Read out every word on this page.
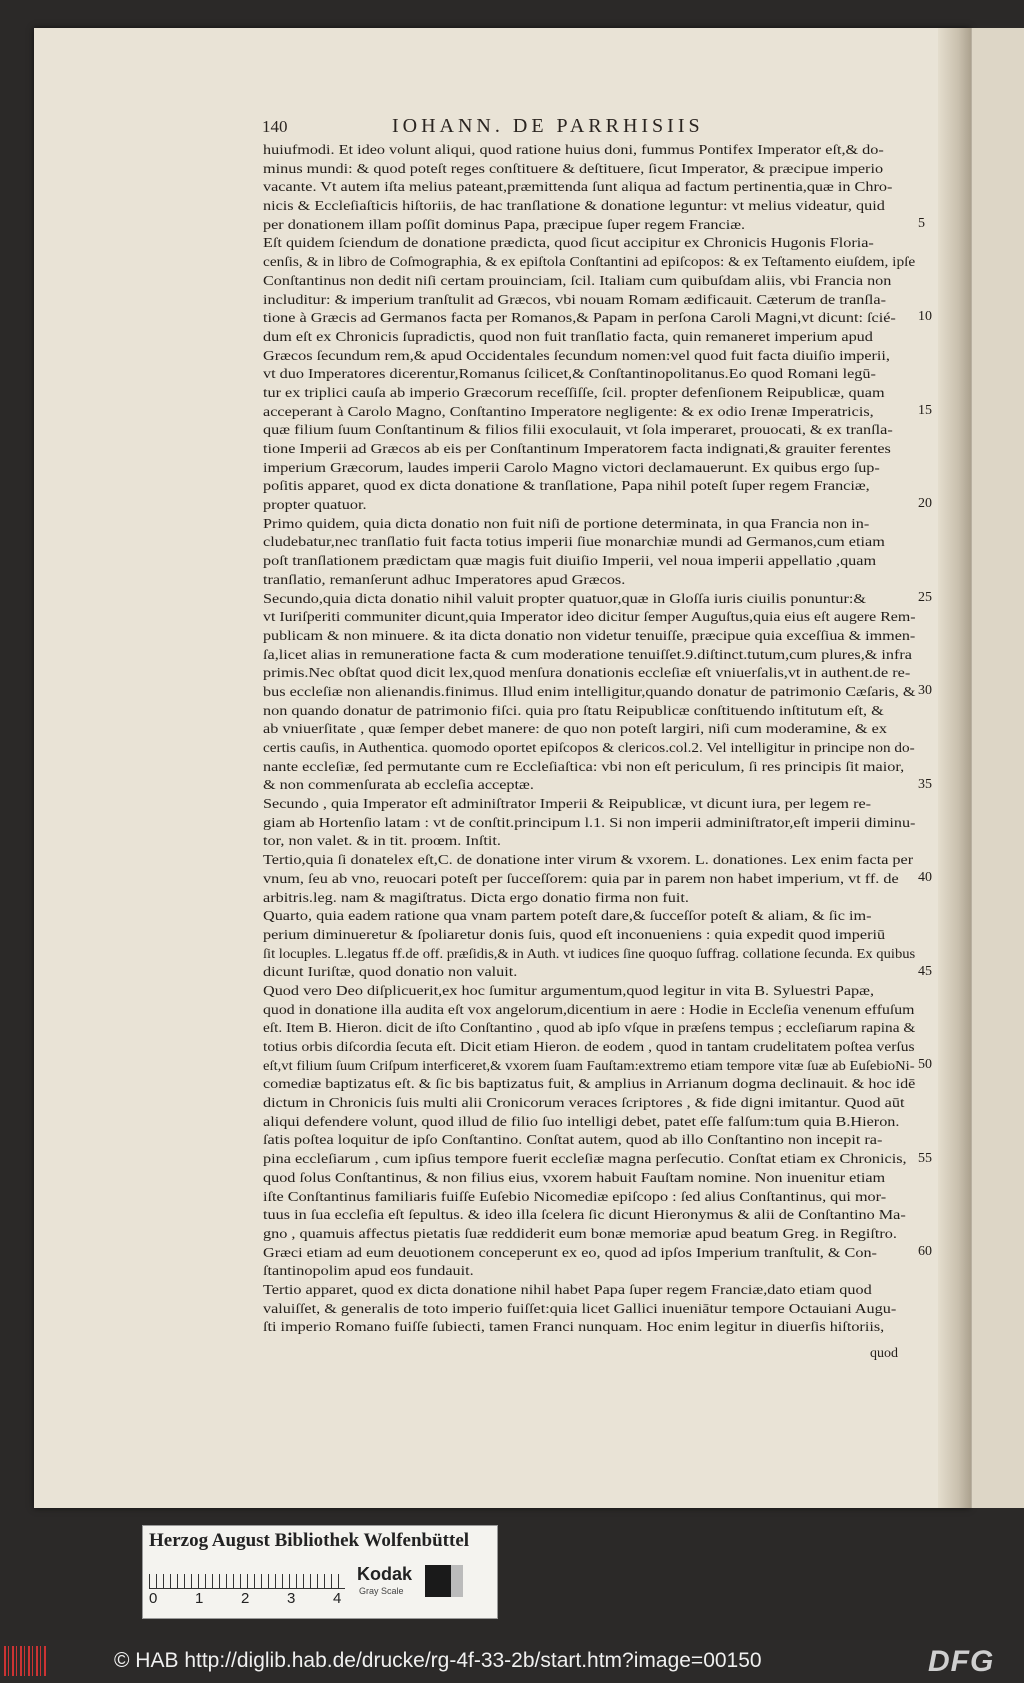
140	IOHANN. DE PARRHISIIS
huiufmodi. Et ideo volunt aliqui, quod ratione huius doni, fummus Pontifex Imperator eſt,& do-
minus mundi: & quod poteſt reges conſtituere & deſtituere, ſicut Imperator, & præcipue imperio
vacante. Vt autem iſta melius pateant,præmittenda ſunt aliqua ad factum pertinentia,quæ in Chro-
nicis & Eccleſiaſticis hiſtoriis, de hac tranſlatione & donatione leguntur: vt melius videatur, quid
per donationem illam poſſit dominus Papa, præcipue ſuper regem Franciæ.
Eſt quidem ſciendum de donatione prædicta, quod ſicut accipitur ex Chronicis Hugonis Floria-
cenſis, & in libro de Coſmographia, & ex epiſtola Conſtantini ad epiſcopos: & ex Teſtamento eiuſdem, ipſe
Conſtantinus non dedit niſi certam prouinciam, ſcil. Italiam cum quibuſdam aliis, vbi Francia non
includitur: & imperium tranſtulit ad Græcos, vbi nouam Romam ædificauit. Cæterum de tranſla-
tione à Græcis ad Germanos facta per Romanos,& Papam in perſona Caroli Magni,vt dicunt: ſcié-
dum eſt ex Chronicis ſupradictis, quod non fuit tranſlatio facta, quin remaneret imperium apud
Græcos ſecundum rem,& apud Occidentales ſecundum nomen:vel quod fuit facta diuiſio imperii,
vt duo Imperatores dicerentur,Romanus ſcilicet,& Conſtantinopolitanus.Eo quod Romani legū-
tur ex triplici cauſa ab imperio Græcorum receſſiſſe, ſcil. propter defenſionem Reipublicæ, quam
acceperant à Carolo Magno, Conſtantino Imperatore negligente: & ex odio Irenæ Imperatricis,
quæ filium ſuum Conſtantinum & filios filii exoculauit, vt ſola imperaret, prouocati, & ex tranſla-
tione Imperii ad Græcos ab eis per Conſtantinum Imperatorem facta indignati,& grauiter ferentes
imperium Græcorum, laudes imperii Carolo Magno victori declamauerunt. Ex quibus ergo ſup-
poſitis apparet, quod ex dicta donatione & tranſlatione, Papa nihil poteſt ſuper regem Franciæ,
propter quatuor.
Primo quidem, quia dicta donatio non fuit niſi de portione determinata, in qua Francia non in-
cludebatur,nec tranſlatio fuit facta totius imperii ſiue monarchiæ mundi ad Germanos,cum etiam
poſt tranſlationem prædictam quæ magis fuit diuiſio Imperii, vel noua imperii appellatio ,quam
tranſlatio, remanſerunt adhuc Imperatores apud Græcos.
Secundo,quia dicta donatio nihil valuit propter quatuor,quæ in Gloſſa iuris ciuilis ponuntur:&
vt Iuriſperiti communiter dicunt,quia Imperator ideo dicitur ſemper Auguſtus,quia eius eſt augere Rem-
publicam & non minuere. & ita dicta donatio non videtur tenuiſſe, præcipue quia exceſſiua & immen-
ſa,licet alias in remuneratione facta & cum moderatione tenuiſſet.9.diſtinct.tutum,cum plures,& infra
primis.Nec obſtat quod dicit lex,quod menſura donationis eccleſiæ eſt vniuerſalis,vt in authent.de re-
bus eccleſiæ non alienandis.finimus. Illud enim intelligitur,quando donatur de patrimonio Cæſaris, &
non quando donatur de patrimonio fiſci. quia pro ſtatu Reipublicæ conſtituendo inſtitutum eſt, &
ab vniuerſitate , quæ ſemper debet manere: de quo non poteſt largiri, niſi cum moderamine, & ex
certis cauſis, in Authentica. quomodo oportet epiſcopos & clericos.col.2. Vel intelligitur in principe non do-
nante eccleſiæ, ſed permutante cum re Eccleſiaſtica: vbi non eſt periculum, ſi res principis ſit maior,
& non commenſurata ab eccleſia acceptæ.
Secundo , quia Imperator eſt adminiſtrator Imperii & Reipublicæ, vt dicunt iura, per legem re-
giam ab Hortenſio latam : vt de conſtit.principum l.1. Si non imperii adminiſtrator,eſt imperii diminu-
tor, non valet. & in tit. proœm. Inſtit.
Tertio,quia ſi donatelex eſt,C. de donatione inter virum & vxorem. L. donationes. Lex enim facta per
vnum, ſeu ab vno, reuocari poteſt per ſucceſſorem: quia par in parem non habet imperium, vt ff. de
arbitris.leg. nam & magiſtratus. Dicta ergo donatio firma non fuit.
Quarto, quia eadem ratione qua vnam partem poteſt dare,& ſucceſſor poteſt & aliam, & ſic im-
perium diminueretur & ſpoliaretur donis ſuis, quod eſt inconueniens : quia expedit quod imperiū
ſit locuples. L.legatus ff.de off. præſidis,& in Auth. vt iudices ſine quoquo ſuffrag. collatione ſecunda. Ex quibus
dicunt Iuriſtæ, quod donatio non valuit.
Quod vero Deo diſplicuerit,ex hoc ſumitur argumentum,quod legitur in vita B. Syluestri Papæ,
quod in donatione illa audita eſt vox angelorum,dicentium in aere : Hodie in Eccleſia venenum effuſum
eſt. Item B. Hieron. dicit de iſto Conſtantino , quod ab ipſo vſque in præſens tempus ; eccleſiarum rapina &
totius orbis diſcordia ſecuta eſt. Dicit etiam Hieron. de eodem , quod in tantam crudelitatem poſtea verſus
eſt,vt filium ſuum Criſpum interficeret,& vxorem ſuam Fauſtam:extremo etiam tempore vitæ ſuæ ab EuſebioNi-
comediæ baptizatus eſt. & ſic bis baptizatus fuit, & amplius in Arrianum dogma declinauit. & hoc idē
dictum in Chronicis ſuis multi alii Cronicorum veraces ſcriptores , & fide digni imitantur. Quod aūt
aliqui defendere volunt, quod illud de filio ſuo intelligi debet, patet eſſe falſum:tum quia B.Hieron.
ſatis poſtea loquitur de ipſo Conſtantino. Conſtat autem, quod ab illo Conſtantino non incepit ra-
pina eccleſiarum , cum ipſius tempore fuerit eccleſiæ magna perſecutio. Conſtat etiam ex Chronicis,
quod ſolus Conſtantinus, & non filius eius, vxorem habuit Fauſtam nomine. Non inuenitur etiam
iſte Conſtantinus familiaris fuiſſe Euſebio Nicomediæ epiſcopo : ſed alius Conſtantinus, qui mor-
tuus in ſua eccleſia eſt ſepultus. & ideo illa ſcelera ſic dicunt Hieronymus & alii de Conſtantino Ma-
gno , quamuis affectus pietatis ſuæ reddiderit eum bonæ memoriæ apud beatum Greg. in Regiſtro.
Græci etiam ad eum deuotionem conceperunt ex eo, quod ad ipſos Imperium tranſtulit, & Con-
ſtantinopolim apud eos fundauit.
Tertio apparet, quod ex dicta donatione nihil habet Papa ſuper regem Franciæ,dato etiam quod
valuiſſet, & generalis de toto imperio fuiſſet:quia licet Gallici inueniātur tempore Octauiani Augu-
ſti imperio Romano fuiſſe ſubiecti, tamen Franci nunquam. Hoc enim legitur in diuerſis hiſtoriis,
5
10
15
20
25
30
35
40
45
50
55
60
quod
Herzog August Bibliothek Wolfenbüttel
0	1	2	3	4
Kodak
Gray Scale
© HAB http://diglib.hab.de/drucke/rg-4f-33-2b/start.htm?image=00150	DFG
